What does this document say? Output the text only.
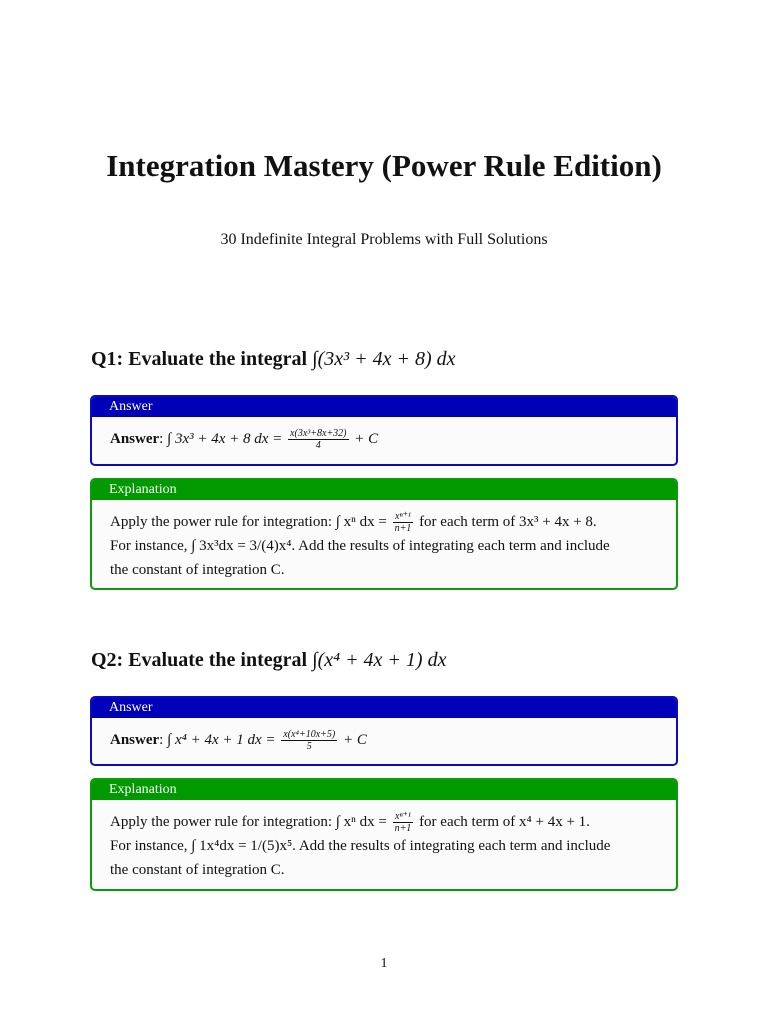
Integration Mastery (Power Rule Edition)
30 Indefinite Integral Problems with Full Solutions
Q1: Evaluate the integral ∫(3x³ + 4x + 8) dx
Answer
Answer: ∫ 3x³ + 4x + 8 dx = $\frac{\text{x(3x³+8x+32)}}{4} + C$
Explanation
Apply the power rule for integration: ∫ xⁿ dx = $\frac{\text{xⁿ⁺¹}}{n+1}$ for each term of 3x³ + 4x + 8.
For instance, ∫ 3x³dx = 3/(4)x⁴. Add the results of integrating each term and include
the constant of integration C.
Q2: Evaluate the integral ∫(x⁴ + 4x + 1) dx
Answer
Answer: ∫ x⁴ + 4x + 1 dx = $\frac{\text{x(x⁴+10x+5)}}{5} + C$
Explanation
Apply the power rule for integration: ∫ xⁿ dx = $\frac{\text{xⁿ⁺¹}}{n+1}$ for each term of x⁴ + 4x + 1.
For instance, ∫ 1x⁴dx = 1/(5)x⁵. Add the results of integrating each term and include
the constant of integration C.
1
